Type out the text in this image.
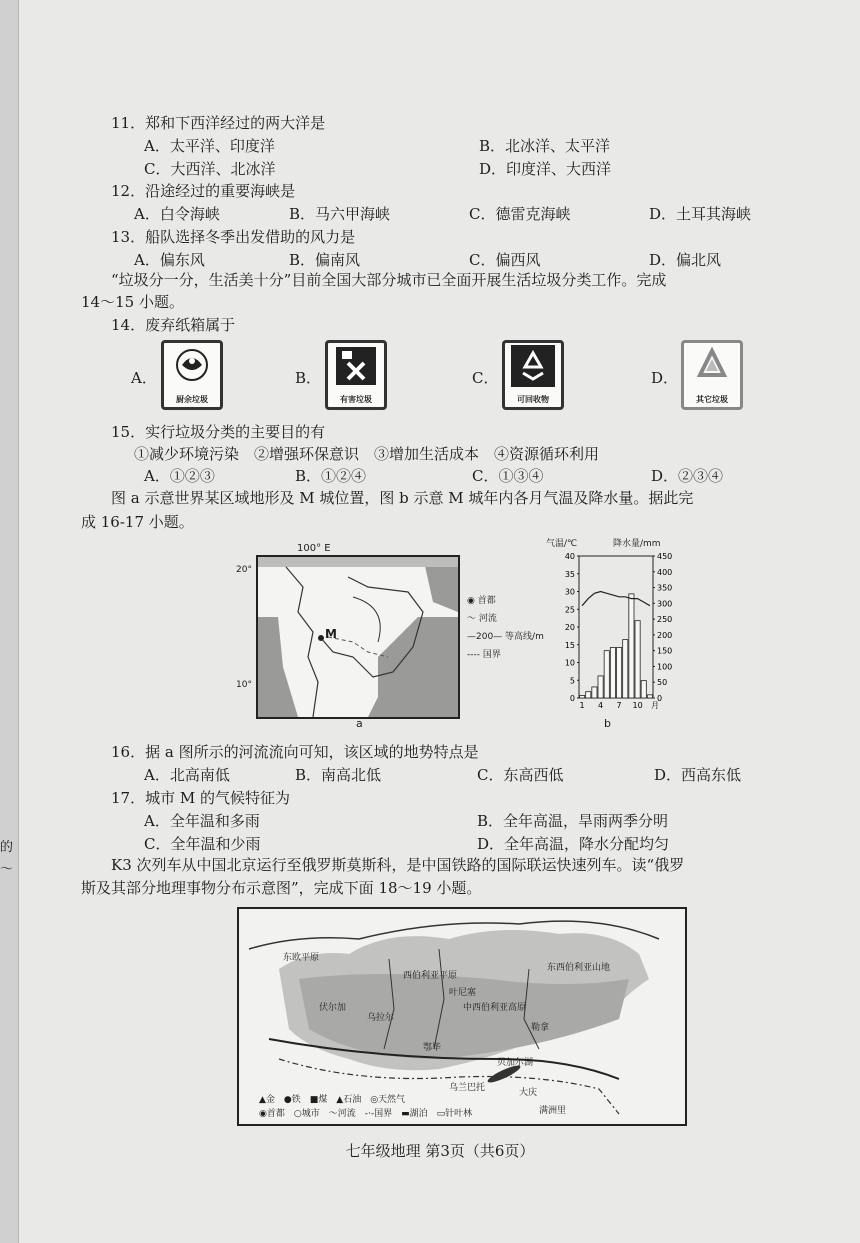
11．郑和下西洋经过的两大洋是
A．太平洋、印度洋	B．北冰洋、太平洋
C．大西洋、北冰洋	D．印度洋、大西洋
12．沿途经过的重要海峡是
A．白令海峡	B．马六甲海峡	C．德雷克海峡	D．土耳其海峡
13．船队选择冬季出发借助的风力是
A．偏东风	B．偏南风	C．偏西风	D．偏北风
“垃圾分一分，生活美十分”目前全国大部分城市已全面开展生活垃圾分类工作。完成
14～15 小题。
14．废弃纸箱属于
A．
厨余垃圾
B．
有害垃圾
C．
可回收物
D．
其它垃圾
15．实行垃圾分类的主要目的有
①减少环境污染　②增强环保意识　③增加生活成本　④资源循环利用
A．①②③	B．①②④	C．①③④	D．②③④
图 a 示意世界某区域地形及 M 城位置，图 b 示意 M 城年内各月气温及降水量。据此完
成 16-17 小题。
100° E
20°
10°
M
a
◉ 首都
〜 河流
—200— 等高线/m
---- 国界
气温/℃	降水量/mm
0
5
10
15
20
25
30
35
40
0
50
100
150
200
250
300
350
400
450
1 4 7 10 月
b
16．据 a 图所示的河流流向可知，该区域的地势特点是
A．北高南低	B．南高北低	C．东高西低	D．西高东低
17．城市 M 的气候特征为
A．全年温和多雨	B．全年高温，旱雨两季分明
C．全年温和少雨	D．全年高温，降水分配均匀
K3 次列车从中国北京运行至俄罗斯莫斯科，是中国铁路的国际联运快速列车。读“俄罗
斯及其部分地理事物分布示意图”，完成下面 18～19 小题。
东欧平原
西伯利亚平原
中西伯利亚高原
东西伯利亚山地
叶尼塞
乌拉尔
伏尔加
鄂毕
勒拿
贝加尔湖
乌兰巴托	大庆
满洲里
▲金　●铁　■煤　▲石油　◎天然气
◉首都　○城市　～河流　-·-国界　▬湖泊　▭针叶林
七年级地理 第3页（共6页）
的
～
